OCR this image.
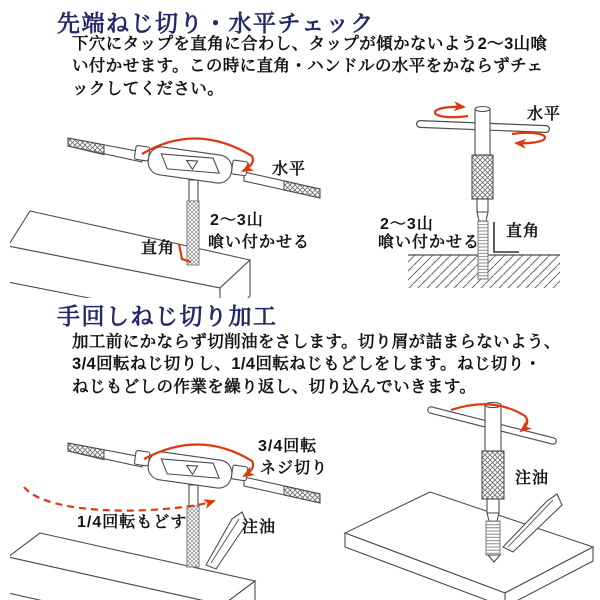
先端ねじ切り・水平チェック

下穴にタップを直角に合わし、タップが傾かないよう2〜3山喰
い付かせます。この時に直角・ハンドルの水平をかならずチェ
ックしてください。

水平
2〜3山
喰い付かせる
直角
水平
2〜3山
喰い付かせる
直角
手回しねじ切り加工

加工前にかならず切削油をさします。切り屑が詰まらないよう、
3/4回転ねじ切りし、1/4回転ねじもどしをします。ねじ切り・
ねじもどしの作業を繰り返し、切り込んでいきます。

3/4回転
ネジ切り
1/4回転もどす	注油
注油
